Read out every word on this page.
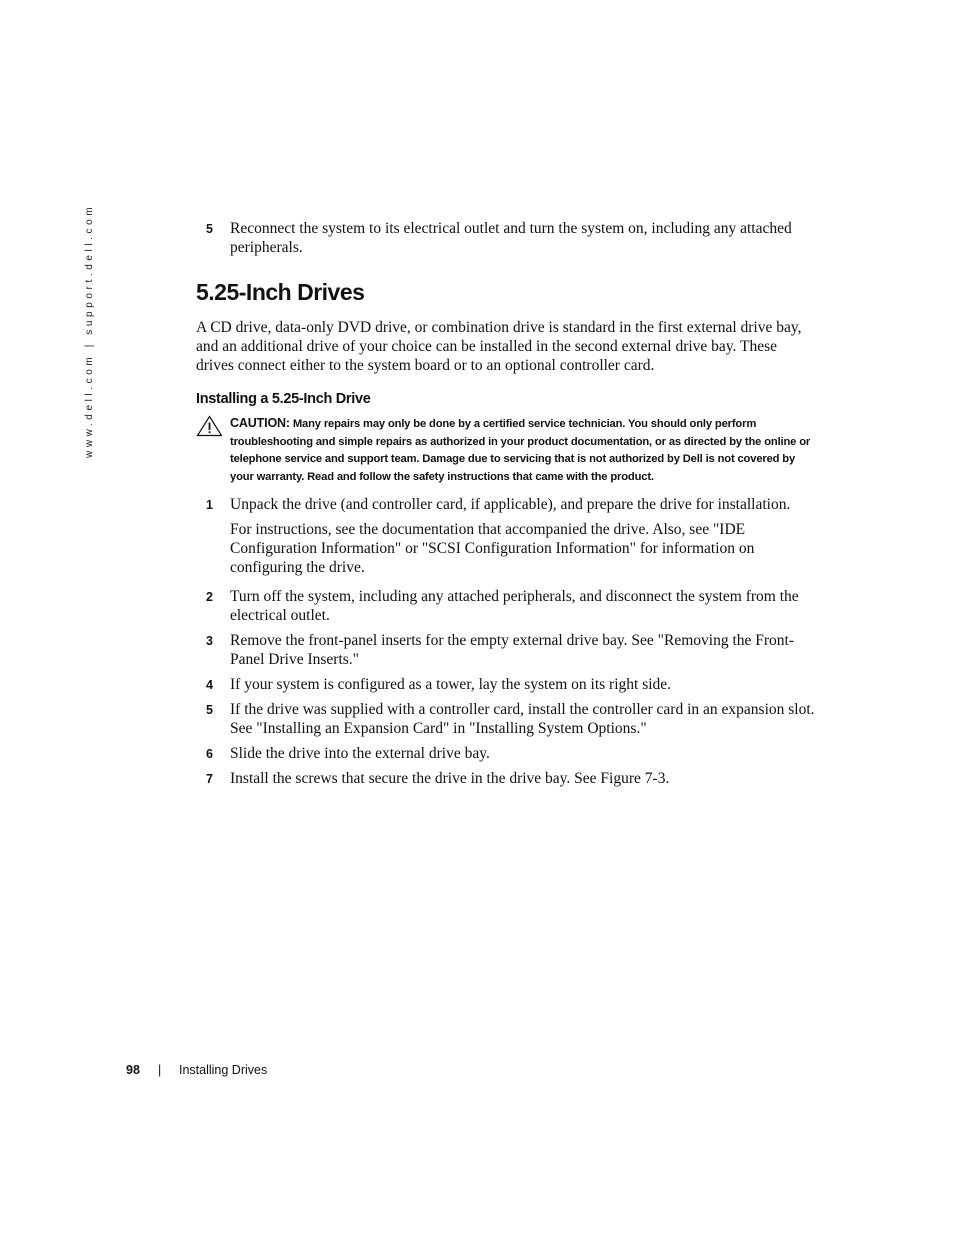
www.dell.com | support.dell.com	5 Reconnect the system to its electrical outlet and turn the system on, including any attached peripherals.
5.25-Inch Drives

A CD drive, data-only DVD drive, or combination drive is standard in the first external drive bay, and an additional drive of your choice can be installed in the second external drive bay. These drives connect either to the system board or to an optional controller card.

Installing a 5.25-Inch Drive
CAUTION: Many repairs may only be done by a certified service technician. You should only perform troubleshooting and simple repairs as authorized in your product documentation, or as directed by the online or telephone service and support team. Damage due to servicing that is not authorized by Dell is not covered by your warranty. Read and follow the safety instructions that came with the product.
1 Unpack the drive (and controller card, if applicable), and prepare the drive for installation.
For instructions, see the documentation that accompanied the drive. Also, see "IDE Configuration Information" or "SCSI Configuration Information" for information on configuring the drive.
2 Turn off the system, including any attached peripherals, and disconnect the system from the electrical outlet.
3 Remove the front-panel inserts for the empty external drive bay. See "Removing the Front-Panel Drive Inserts."
4 If your system is configured as a tower, lay the system on its right side.
5 If the drive was supplied with a controller card, install the controller card in an expansion slot. See "Installing an Expansion Card" in "Installing System Options."
6 Slide the drive into the external drive bay.
7 Install the screws that secure the drive in the drive bay. See Figure 7-3.
98 | Installing Drives
